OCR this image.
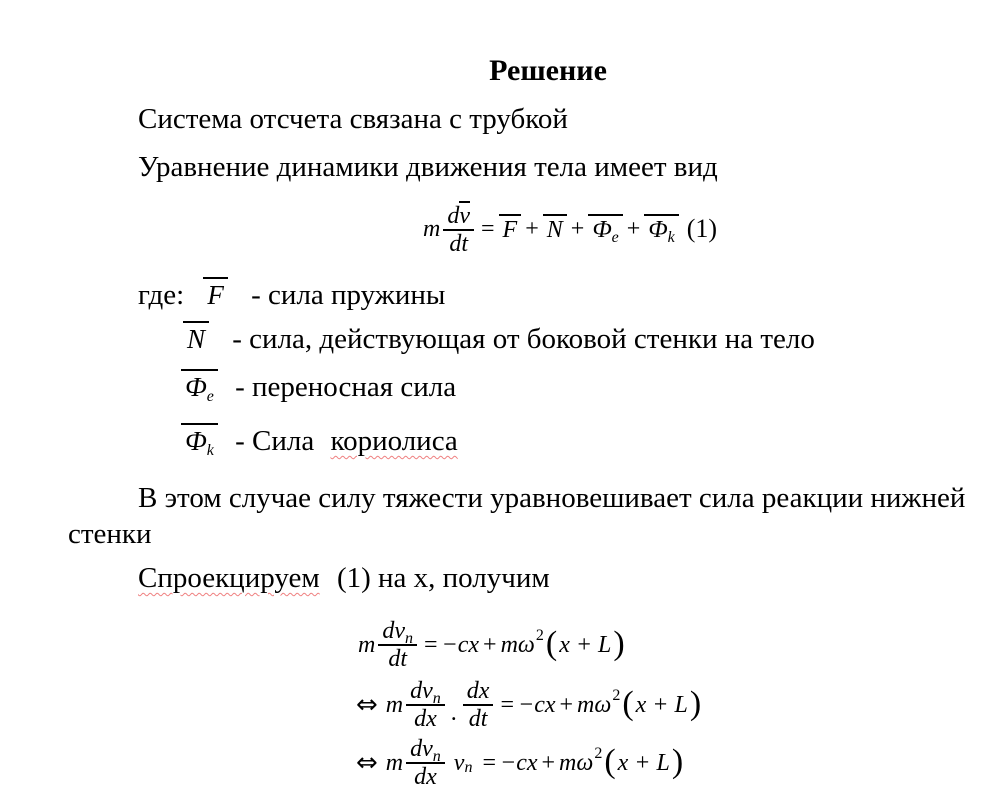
Решение
Система отсчета связана с трубкой
Уравнение динамики движения тела имеет вид
m $\frac{dv}{dt} = F + N + Ф_e + Ф_k$ (1)
где: F - сила пружины
N - сила, действующая от боковой стенки на тело
$Ф_e$ - переносная сила
$Ф_k$ - Сила кориолиса
В этом случае силу тяжести уравновешивает сила реакции нижней
стенки
Спроекцируем (1) на x, получим
m $\frac{dv_n}{dt} = -cx + m\omega^2$ ( x + L )
⇔ m $\frac{dv_n}{dx}$ . $\frac{dx}{dt} = -cx + m\omega^2$ ( x + L )
⇔ m $\frac{dv_n}{dx} v_n = -cx + m\omega^2$ ( x + L )
